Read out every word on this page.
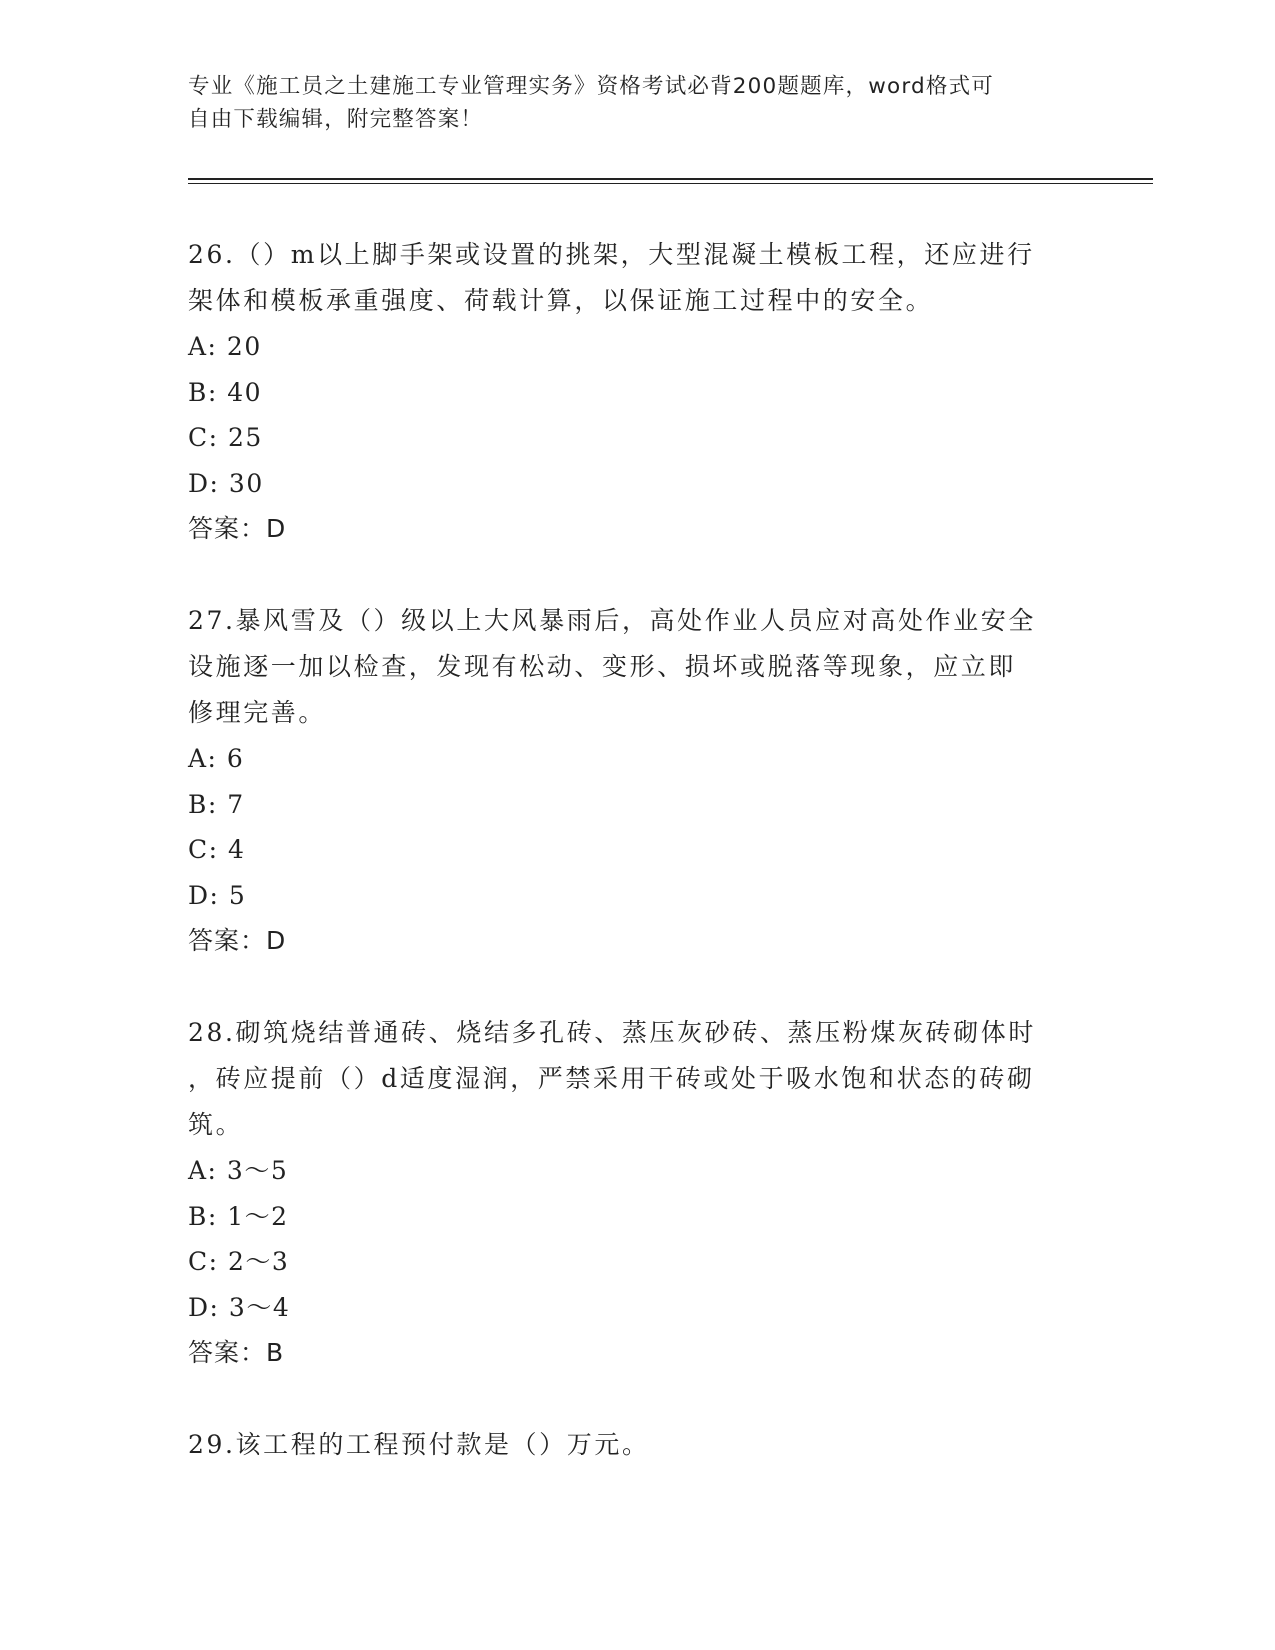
专业《施工员之土建施工专业管理实务》资格考试必背200题题库，word格式可
自由下载编辑，附完整答案！
26.（）m以上脚手架或设置的挑架，大型混凝土模板工程，还应进行
架体和模板承重强度、荷载计算，以保证施工过程中的安全。
A: 20
B: 40
C: 25
D: 30
答案：D
27.暴风雪及（）级以上大风暴雨后，高处作业人员应对高处作业安全
设施逐一加以检查，发现有松动、变形、损坏或脱落等现象，应立即
修理完善。
A: 6
B: 7
C: 4
D: 5
答案：D
28.砌筑烧结普通砖、烧结多孔砖、蒸压灰砂砖、蒸压粉煤灰砖砌体时
，砖应提前（）d适度湿润，严禁采用干砖或处于吸水饱和状态的砖砌
筑。
A: 3～5
B: 1～2
C: 2～3
D: 3～4
答案：B
29.该工程的工程预付款是（）万元。
